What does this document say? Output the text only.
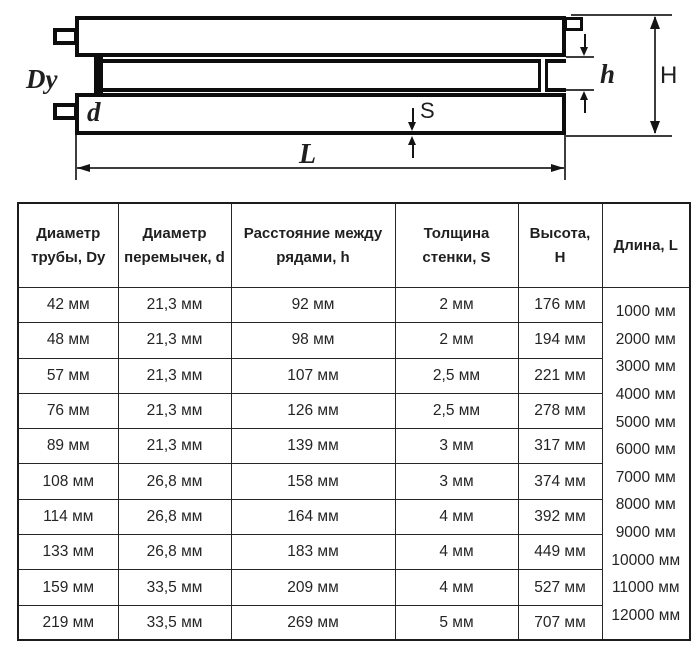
h H
S
L
Dy
d
Диаметр трубы, Dy	Диаметр перемычек, d	Расстояние между рядами, h	Толщина стенки, S	Высота, H	Длина, L
42 мм	21,3 мм	92 мм	2 мм	176 мм	1000 мм
2000 мм
3000 мм
4000 мм
5000 мм
6000 мм
7000 мм
8000 мм
9000 мм
10000 мм
11000 мм
12000 мм

48 мм	21,3 мм	98 мм	2 мм	194 мм	
57 мм	21,3 мм	107 мм	2,5 мм	221 мм	
76 мм	21,3 мм	126 мм	2,5 мм	278 мм	
89 мм	21,3 мм	139 мм	3 мм	317 мм	
108 мм	26,8 мм	158 мм	3 мм	374 мм	
114 мм	26,8 мм	164 мм	4 мм	392 мм	
133 мм	26,8 мм	183 мм	4 мм	449 мм	
159 мм	33,5 мм	209 мм	4 мм	527 мм	
219 мм	33,5 мм	269 мм	5 мм	707 мм	
